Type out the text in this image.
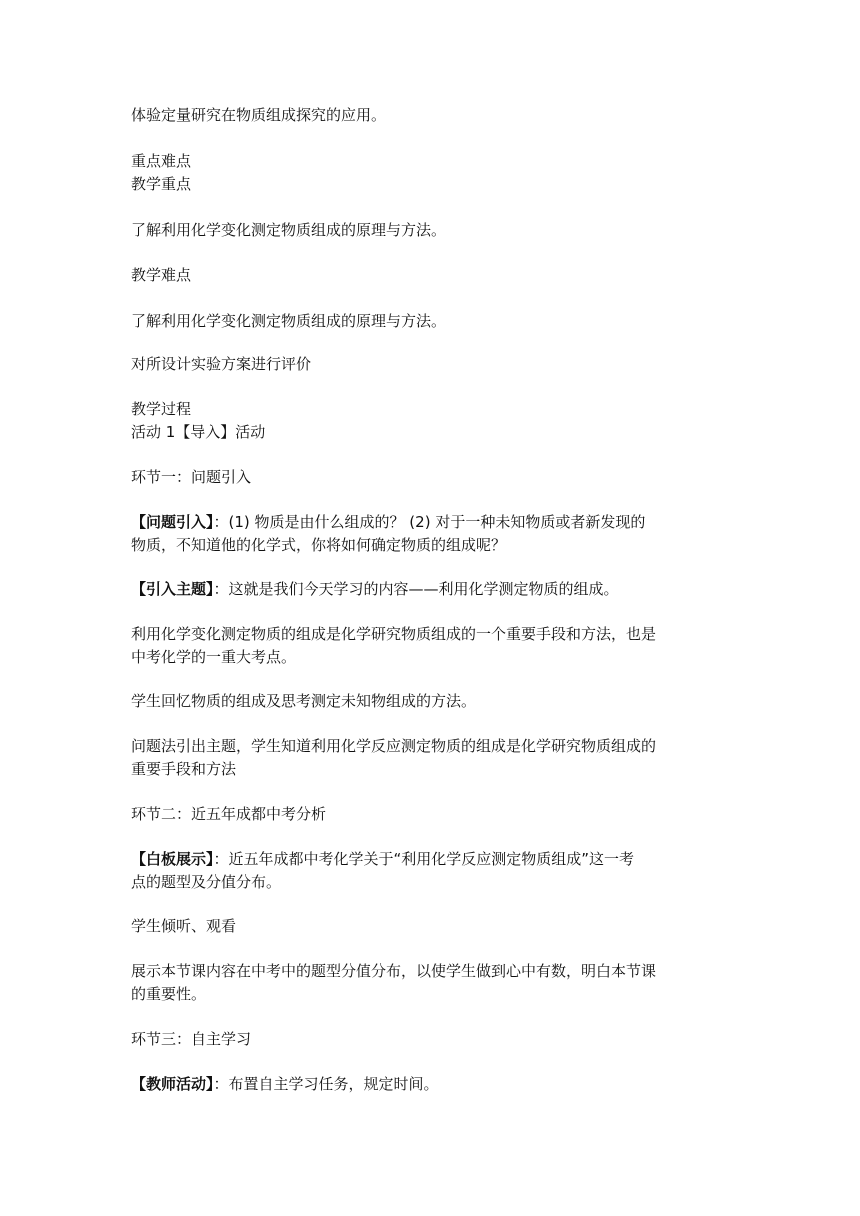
体验定量研究在物质组成探究的应用。

重点难点

教学重点

了解利用化学变化测定物质组成的原理与方法。

教学难点

了解利用化学变化测定物质组成的原理与方法。

对所设计实验方案进行评价

教学过程

活动 1【导入】活动

环节一：问题引入

【问题引入】：(1) 物质是由什么组成的？ (2) 对于一种未知物质或者新发现的

物质，不知道他的化学式，你将如何确定物质的组成呢？

【引入主题】：这就是我们今天学习的内容——利用化学测定物质的组成。

利用化学变化测定物质的组成是化学研究物质组成的一个重要手段和方法，也是

中考化学的一重大考点。

学生回忆物质的组成及思考测定未知物组成的方法。

问题法引出主题，学生知道利用化学反应测定物质的组成是化学研究物质组成的

重要手段和方法

环节二：近五年成都中考分析

【白板展示】：近五年成都中考化学关于“利用化学反应测定物质组成”这一考

点的题型及分值分布。

学生倾听、观看

展示本节课内容在中考中的题型分值分布，以使学生做到心中有数，明白本节课

的重要性。

环节三：自主学习

【教师活动】：布置自主学习任务，规定时间。
